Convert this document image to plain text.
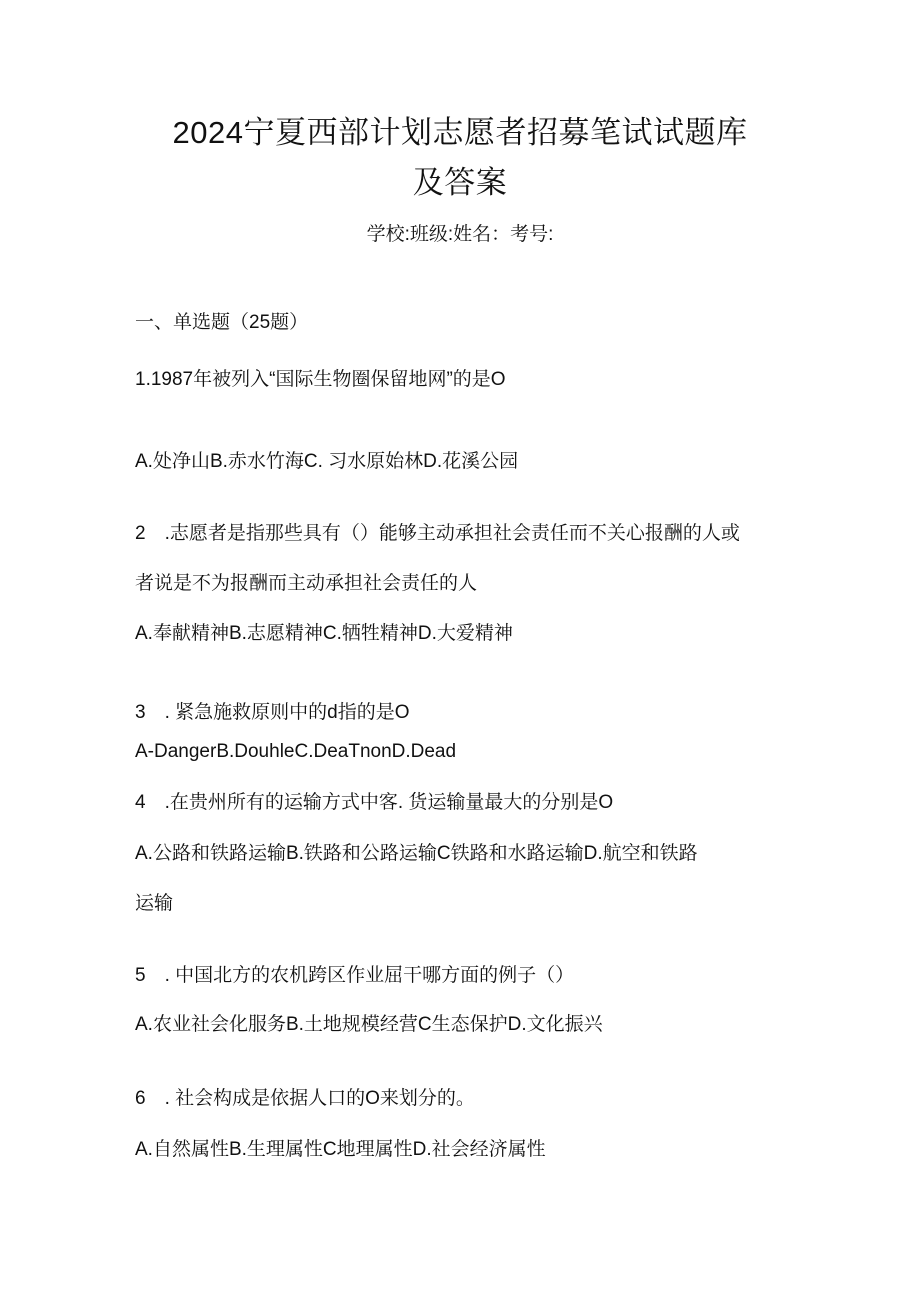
2024宁夏西部计划志愿者招募笔试试题库
及答案
学校:班级:姓名：考号:
一、单选题（25题）
1.1987年被列入“国际生物圈保留地网”的是O
A.处净山B.赤水竹海C. 习水原始林D.花溪公园
2 .志愿者是指那些具有（）能够主动承担社会责任而不关心报酬的人或
者说是不为报酬而主动承担社会责任的人
A.奉献精神B.志愿精神C.牺牲精神D.大爱精神
3 . 紧急施救原则中的d指的是O
A-DangerB.DouhleC.DeaTnonD.Dead
4 .在贵州所有的运输方式中客. 货运输量最大的分别是O
A.公路和铁路运输B.铁路和公路运输C铁路和水路运输D.航空和铁路
运输
5 . 中国北方的农机跨区作业屈干哪方面的例子（）
A.农业社会化服务B.土地规模经营C生态保护D.文化振兴
6 . 社会构成是依据人口的O来划分的。
A.自然属性B.生理属性C地理属性D.社会经济属性
